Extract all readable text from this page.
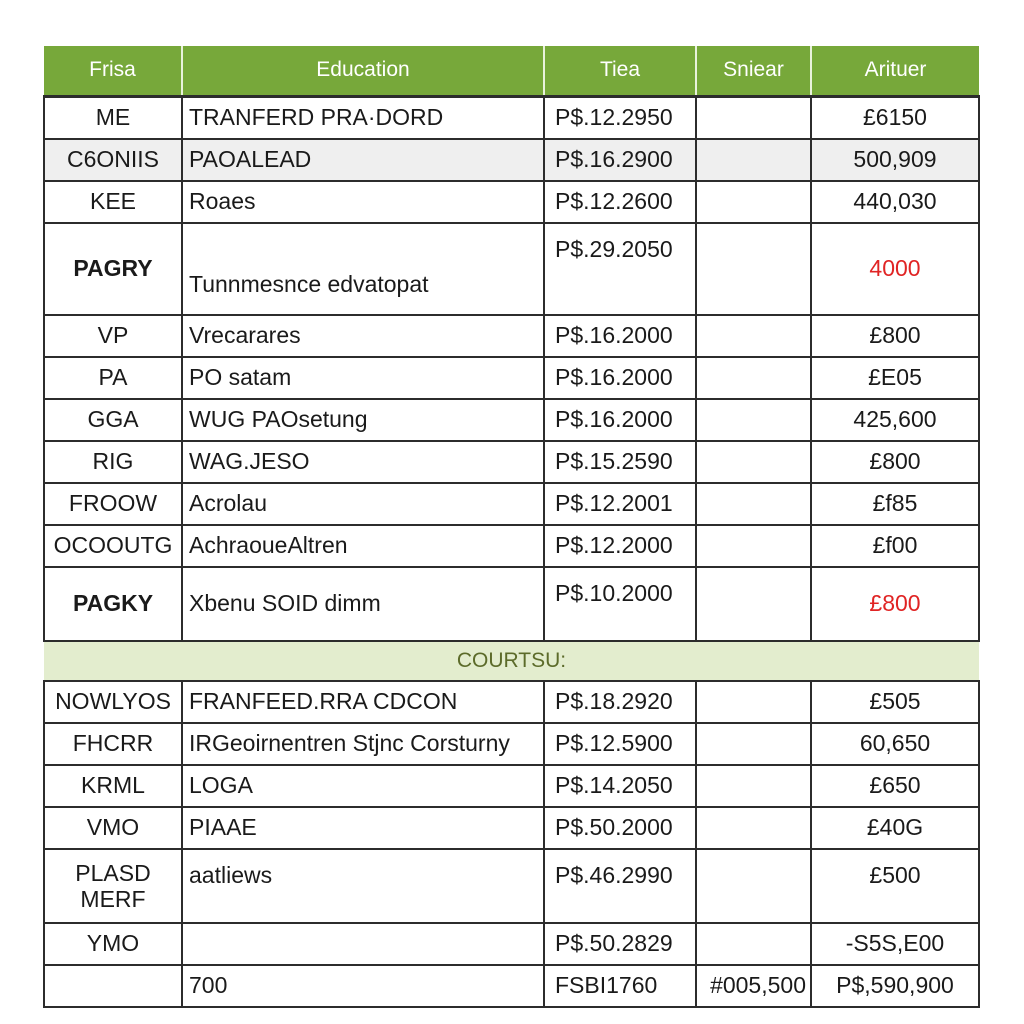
Frisa	Education	Tiea	Sniear	Arituer
ME	TRANFERD PRA·DORD	P$.12.2950		£6150
C6ONIIS	PAOALEAD	P$.16.2900		500,909
KEE	Roaes	P$.12.2600		440,030
PAGRY	Tunnmesnce edvatopat	P$.29.2050		4000
VP	Vrecarares	P$.16.2000		£800
PA	PO satam	P$.16.2000		£E05
GGA	WUG PAOsetung	P$.16.2000		425,600
RIG	WAG.JESO	P$.15.2590		£800
FROOW	Acrolau	P$.12.2001		£f85
OCOOUTG	AchraoueAltren	P$.12.2000		£f00
PAGKY	Xbenu SOID dimm	P$.10.2000		£800
COURTSU:				
NOWLYOS	FRANFEED.RRA CDCON	P$.18.2920		£505
FHCRR	IRGeoirnentren Stjnc Corsturny	P$.12.5900		60,650
KRML	LOGA	P$.14.2050		£650
VMO	PIAAE	P$.50.2000		£40G
PLASD MERF	aatliews	P$.46.2990		£500
YMO		P$.50.2829		-S5S,E00
	700	FSBI1760	#005,500	P$,590,900
